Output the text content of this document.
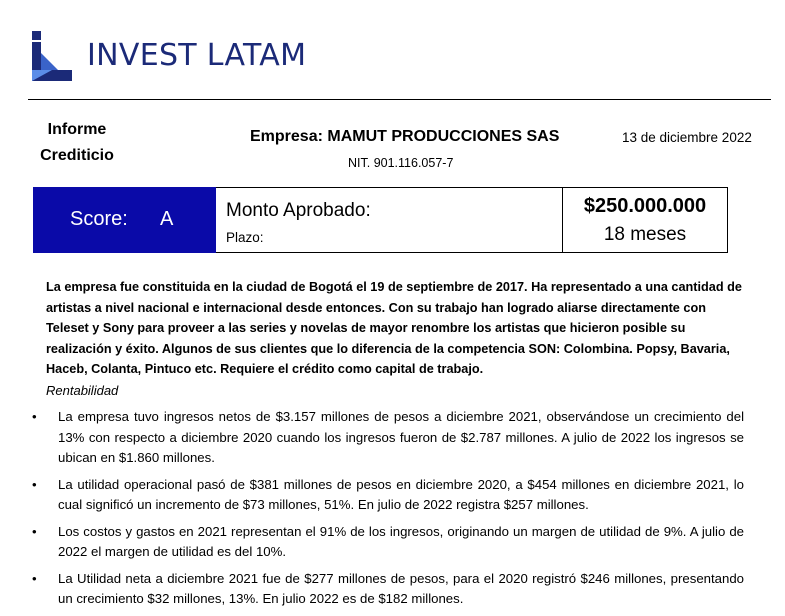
INVEST LATAM
Informe
Crediticio
Empresa: MAMUT PRODUCCIONES SAS
NIT. 901.116.057-7
13 de diciembre 2022
Score: A	Monto Aprobado:
Plazo:
$250.000.000
18 meses
La empresa fue constituida en la ciudad de Bogotá el 19 de septiembre de 2017. Ha representado a una cantidad de artistas a nivel nacional e internacional desde entonces. Con su trabajo han logrado aliarse directamente con Teleset y Sony para proveer a las series y novelas de mayor renombre los artistas que hicieron posible su realización y éxito. Algunos de sus clientes que lo diferencia de la competencia SON: Colombina. Popsy, Bavaria, Haceb, Colanta, Pintuco etc. Requiere el crédito como capital de trabajo.
Rentabilidad
• La empresa tuvo ingresos netos de $3.157 millones de pesos a diciembre 2021, observándose un crecimiento del 13% con respecto a diciembre 2020 cuando los ingresos fueron de $2.787 millones. A julio de 2022 los ingresos se ubican en $1.860 millones.
• La utilidad operacional pasó de $381 millones de pesos en diciembre 2020, a $454 millones en diciembre 2021, lo cual significó un incremento de $73 millones, 51%. En julio de 2022 registra $257 millones.
• Los costos y gastos en 2021 representan el 91% de los ingresos, originando un margen de utilidad de 9%. A julio de 2022 el margen de utilidad es del 10%.
• La Utilidad neta a diciembre 2021 fue de $277 millones de pesos, para el 2020 registró $246 millones, presentando un crecimiento $32 millones, 13%. En julio 2022 es de $182 millones.
